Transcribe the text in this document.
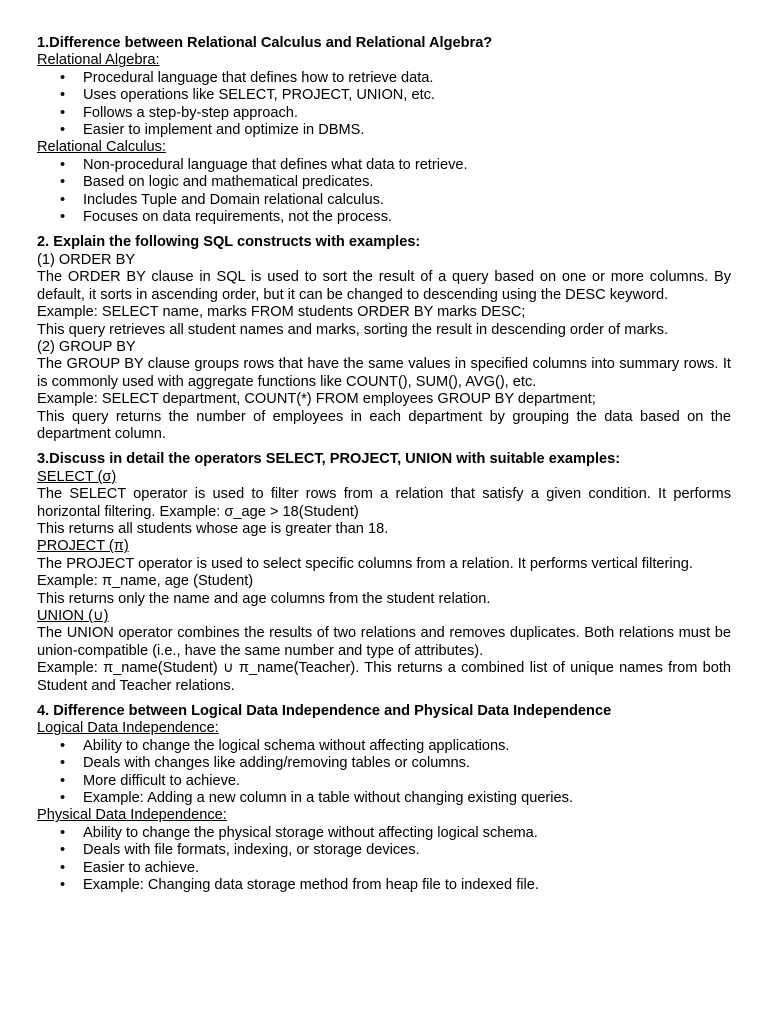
1.Difference between Relational Calculus and Relational Algebra?

Relational Algebra:

• Procedural language that defines how to retrieve data.
• Uses operations like SELECT, PROJECT, UNION, etc.
• Follows a step-by-step approach.
• Easier to implement and optimize in DBMS.

Relational Calculus:

• Non-procedural language that defines what data to retrieve.
• Based on logic and mathematical predicates.
• Includes Tuple and Domain relational calculus.
• Focuses on data requirements, not the process.

2. Explain the following SQL constructs with examples:

(1) ORDER BY

The ORDER BY clause in SQL is used to sort the result of a query based on one or more columns. By default, it sorts in ascending order, but it can be changed to descending using the DESC keyword.

Example: SELECT name, marks FROM students ORDER BY marks DESC;

This query retrieves all student names and marks, sorting the result in descending order of marks.

(2) GROUP BY

The GROUP BY clause groups rows that have the same values in specified columns into summary rows. It is commonly used with aggregate functions like COUNT(), SUM(), AVG(), etc.

Example: SELECT department, COUNT(*) FROM employees GROUP BY department;

This query returns the number of employees in each department by grouping the data based on the department column.

3.Discuss in detail the operators SELECT, PROJECT, UNION with suitable examples:

SELECT (σ)

The SELECT operator is used to filter rows from a relation that satisfy a given condition. It performs horizontal filtering. Example: σ_age > 18(Student)

This returns all students whose age is greater than 18.

PROJECT (π)

The PROJECT operator is used to select specific columns from a relation. It performs vertical filtering.

Example: π_name, age (Student)

This returns only the name and age columns from the student relation.

UNION (∪)

The UNION operator combines the results of two relations and removes duplicates. Both relations must be union-compatible (i.e., have the same number and type of attributes).

Example: π_name(Student) ∪ π_name(Teacher). This returns a combined list of unique names from both Student and Teacher relations.

4. Difference between Logical Data Independence and Physical Data Independence

Logical Data Independence:

• Ability to change the logical schema without affecting applications.
• Deals with changes like adding/removing tables or columns.
• More difficult to achieve.
• Example: Adding a new column in a table without changing existing queries.

Physical Data Independence:

• Ability to change the physical storage without affecting logical schema.
• Deals with file formats, indexing, or storage devices.
• Easier to achieve.
• Example: Changing data storage method from heap file to indexed file.
